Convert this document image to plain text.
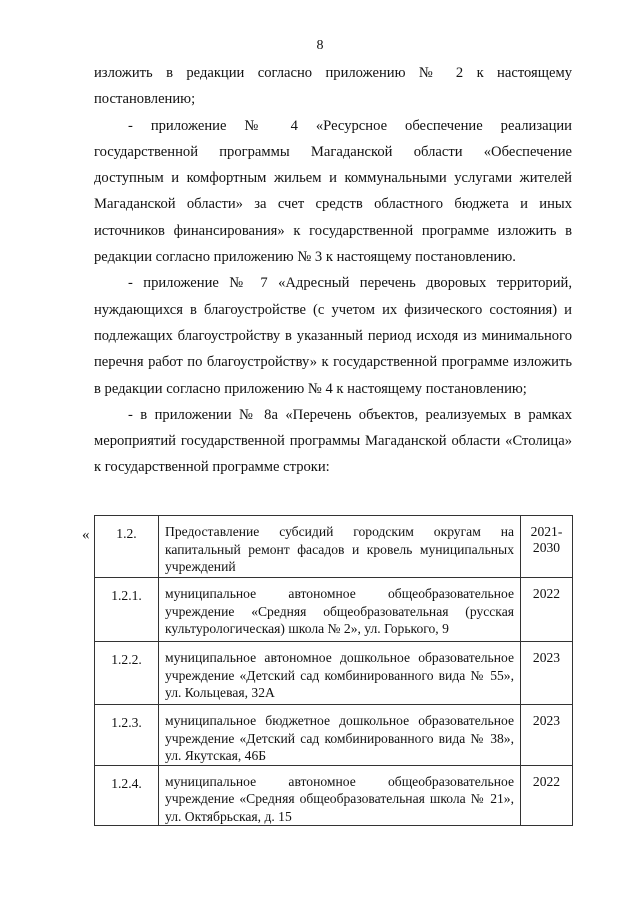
8

изложить в редакции согласно приложению № 2 к настоящему постановлению;

- приложение № 4 «Ресурсное обеспечение реализации государственной программы Магаданской области «Обеспечение доступным и комфортным жильем и коммунальными услугами жителей Магаданской области» за счет средств областного бюджета и иных источников финансирования» к государственной программе изложить в редакции согласно приложению № 3 к настоящему постановлению.

- приложение № 7 «Адресный перечень дворовых территорий, нуждающихся в благоустройстве (с учетом их физического состояния) и подлежащих благоустройству в указанный период исходя из минимального перечня работ по благоустройству» к государственной программе изложить в редакции согласно приложению № 4 к настоящему постановлению;

- в приложении № 8а «Перечень объектов, реализуемых в рамках мероприятий государственной программы Магаданской области «Столица» к государственной программе строки:

« 1.2.	Предоставление субсидий городским округам на капитальный ремонт фасадов и кровель муниципальных учреждений	2021-2030
1.2.1.	муниципальное автономное общеобразовательное учреждение «Средняя общеобразовательная (русская культурологическая) школа № 2», ул. Горького, 9	2022
1.2.2.	муниципальное автономное дошкольное образовательное учреждение «Детский сад комбинированного вида № 55», ул. Кольцевая, 32А	2023
1.2.3.	муниципальное бюджетное дошкольное образовательное учреждение «Детский сад комбинированного вида № 38», ул. Якутская, 46Б	2023
1.2.4.	муниципальное автономное общеобразовательное учреждение «Средняя общеобразовательная школа № 21», ул. Октябрьская, д. 15	2022
